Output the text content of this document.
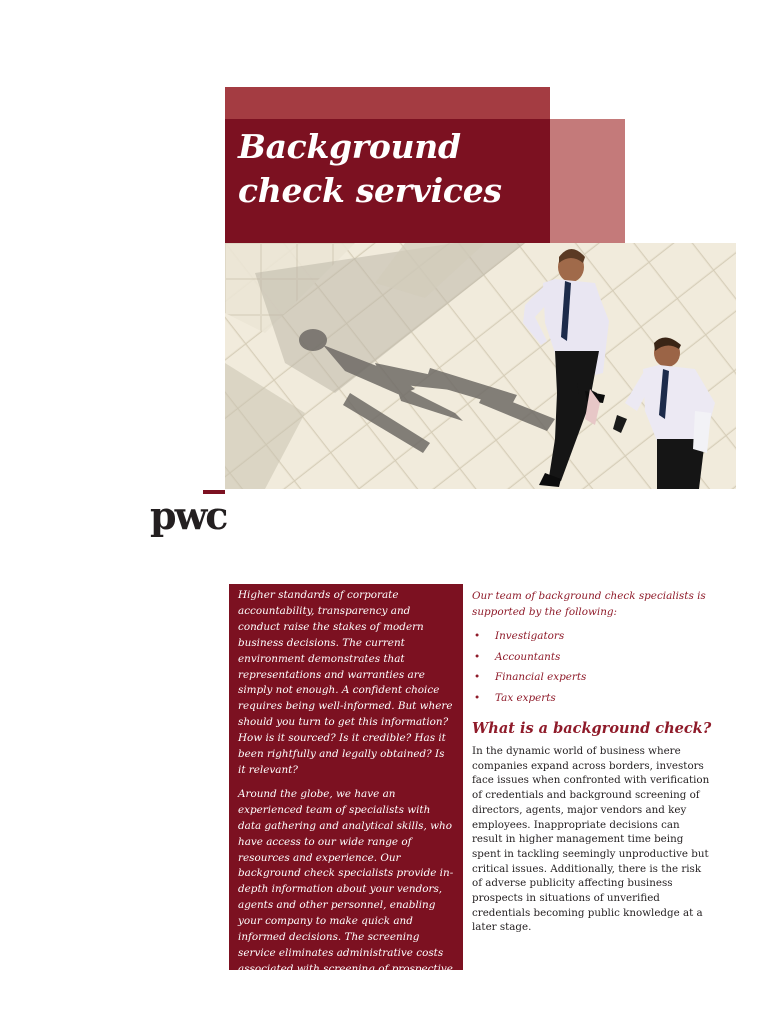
Background
check services
pwc

Higher standards of corporate accountability, transparency and conduct raise the stakes of modern business decisions. The current environment demonstrates that representations and warranties are simply not enough. A confident choice requires being well-informed. But where should you turn to get this information? How is it sourced? Is it credible? Has it been rightfully and legally obtained? Is it relevant?

Around the globe, we have an experienced team of specialists with data gathering and analytical skills, who have access to our wide range of resources and experience. Our background check specialists provide in-depth information about your vendors, agents and other personnel, enabling your company to make quick and informed decisions. The screening service eliminates administrative costs associated with screening of prospective agents and personnel.

Our team of background check specialists is supported by the following:

• Investigators
• Accountants
• Financial experts
• Tax experts
What is a background check?

In the dynamic world of business where companies expand across borders, investors face issues when confronted with verification of credentials and background screening of directors, agents, major vendors and key employees. Inappropriate decisions can result in higher management time being spent in tackling seemingly unproductive but critical issues. Additionally, there is the risk of adverse publicity affecting business prospects in situations of unverified credentials becoming public knowledge at a later stage.
